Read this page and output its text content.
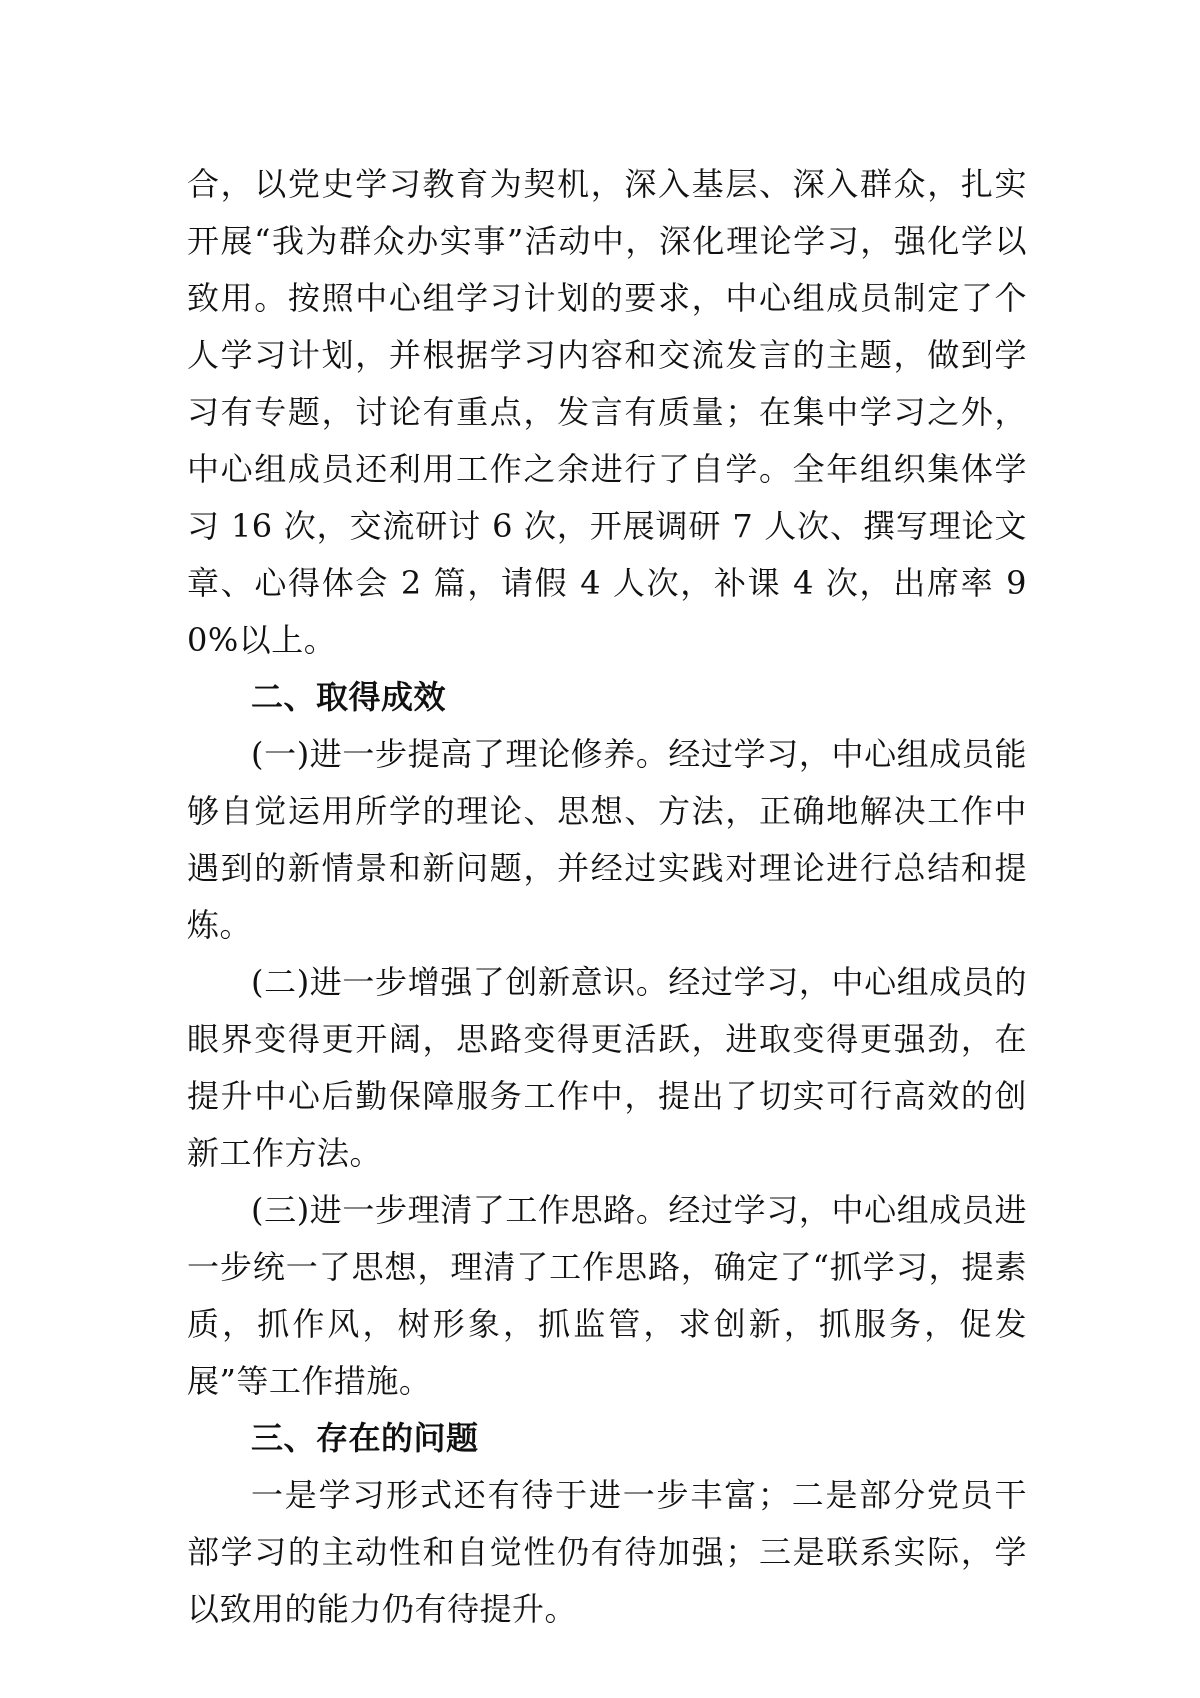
合，以党史学习教育为契机，深入基层、深入群众，扎实开展“我为群众办实事”活动中，深化理论学习，强化学以致用。按照中心组学习计划的要求，中心组成员制定了个人学习计划，并根据学习内容和交流发言的主题，做到学习有专题，讨论有重点，发言有质量；在集中学习之外，中心组成员还利用工作之余进行了自学。全年组织集体学习 16 次，交流研讨 6 次，开展调研 7 人次、撰写理论文章、心得体会 2 篇，请假 4 人次，补课 4 次，出席率 90%以上。

二、取得成效

(一)进一步提高了理论修养。经过学习，中心组成员能够自觉运用所学的理论、思想、方法，正确地解决工作中遇到的新情景和新问题，并经过实践对理论进行总结和提炼。

(二)进一步增强了创新意识。经过学习，中心组成员的眼界变得更开阔，思路变得更活跃，进取变得更强劲，在提升中心后勤保障服务工作中，提出了切实可行高效的创新工作方法。

(三)进一步理清了工作思路。经过学习，中心组成员进一步统一了思想，理清了工作思路，确定了“抓学习，提素质，抓作风，树形象，抓监管，求创新，抓服务，促发展”等工作措施。

三、存在的问题

一是学习形式还有待于进一步丰富；二是部分党员干部学习的主动性和自觉性仍有待加强；三是联系实际，学以致用的能力仍有待提升。
